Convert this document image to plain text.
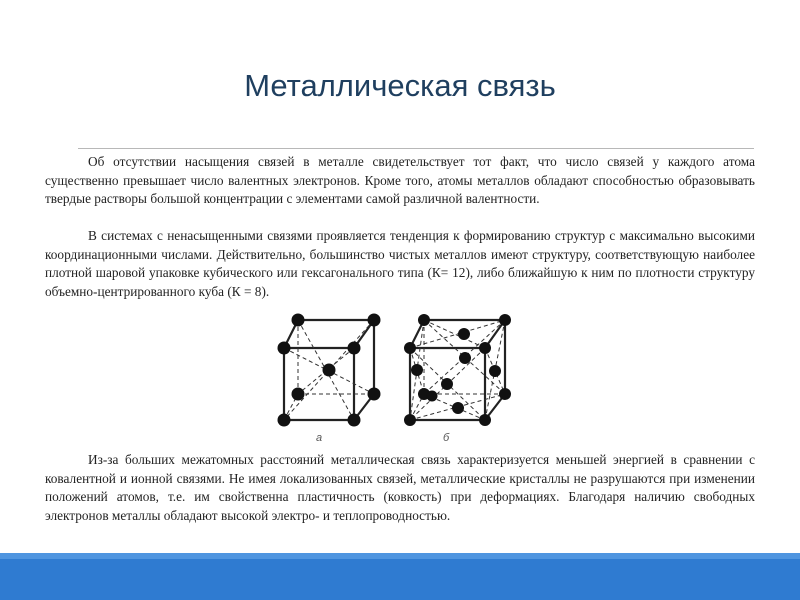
Металлическая связь

Об отсутствии насыщения связей в металле свидетельствует тот факт, что число связей у каждого атома существенно превышает число валентных электронов. Кроме того, атомы металлов обладают способностью образовывать твердые растворы большой концентрации с элементами самой различной валентности.

В системах с ненасыщенными связями проявляется тенденция к формированию структур с максимально высокими координационными числами. Действительно, большинство чистых металлов имеют структуру, соответствующую наиболее плотной шаровой упаковке кубического или гексагонального типа (К= 12), либо ближайшую к ним по плотности структуру объемно-центрированного куба (К = 8).

а	б

Из-за больших межатомных расстояний металлическая связь характеризуется меньшей энергией в сравнении с ковалентной и ионной связями. Не имея локализованных связей, металлические кристаллы не разрушаются при изменении положений атомов, т.е. им свойственна пластичность (ковкость) при деформациях. Благодаря наличию свободных электронов металлы обладают высокой электро- и теплопроводностью.
